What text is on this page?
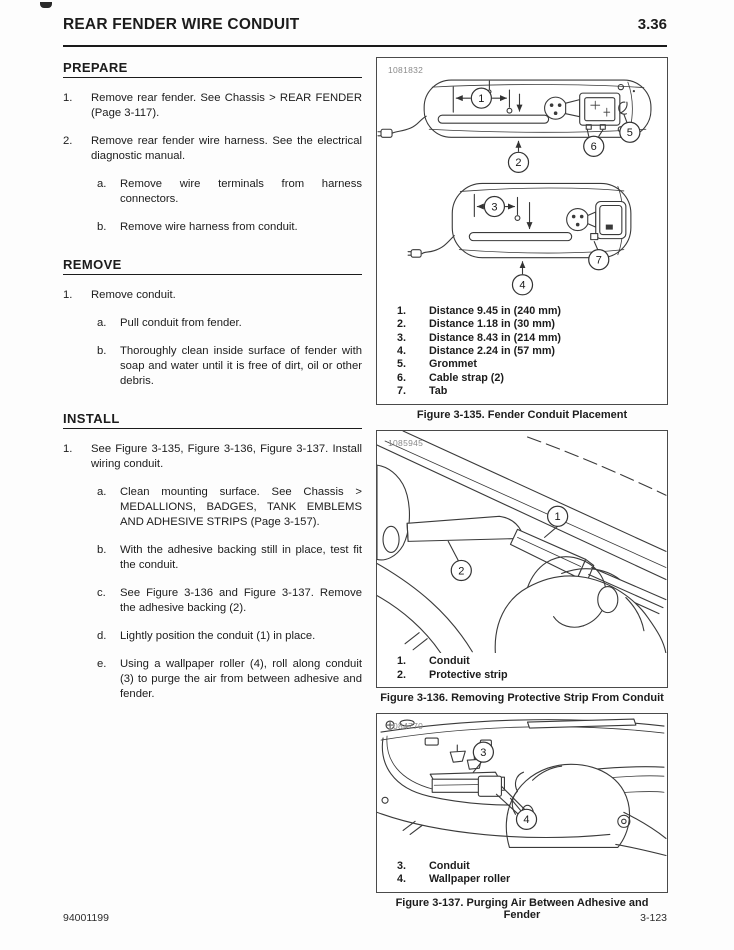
REAR FENDER WIRE CONDUIT	3.36
PREPARE
1.	Remove rear fender. See Chassis > REAR FENDER (Page 3-117).
2.	Remove rear fender wire harness. See the electrical diagnostic manual.
a.	Remove wire terminals from harness connectors.
b.	Remove wire harness from conduit.
REMOVE
1.	Remove conduit.
a.	Pull conduit from fender.
b.	Thoroughly clean inside surface of fender with soap and water until it is free of dirt, oil or other debris.
INSTALL
1.	See Figure 3-135, Figure 3-136, Figure 3-137. Install wiring conduit.
a.	Clean mounting surface. See Chassis > MEDALLIONS, BADGES, TANK EMBLEMS AND ADHESIVE STRIPS (Page 3-157).
b.	With the adhesive backing still in place, test fit the conduit.
c.	See Figure 3-136 and Figure 3-137. Remove the adhesive backing (2).
d.	Lightly position the conduit (1) in place.
e.	Using a wallpaper roller (4), roll along conduit (3) to purge the air from between adhesive and fender.
1081832
1
2
3
4
5
6
7
1.	Distance 9.45 in (240 mm)
2.	Distance 1.18 in (30 mm)
3.	Distance 8.43 in (214 mm)
4.	Distance 2.24 in (57 mm)
5.	Grommet
6.	Cable strap (2)
7.	Tab
Figure 3-135. Fender Conduit Placement
1085945
1
2
1.	Conduit
2.	Protective strip
Figure 3-136. Removing Protective Strip From Conduit
1084770
3
4
3.	Conduit
4.	Wallpaper roller
Figure 3-137. Purging Air Between Adhesive and Fender
94001199	3-123
